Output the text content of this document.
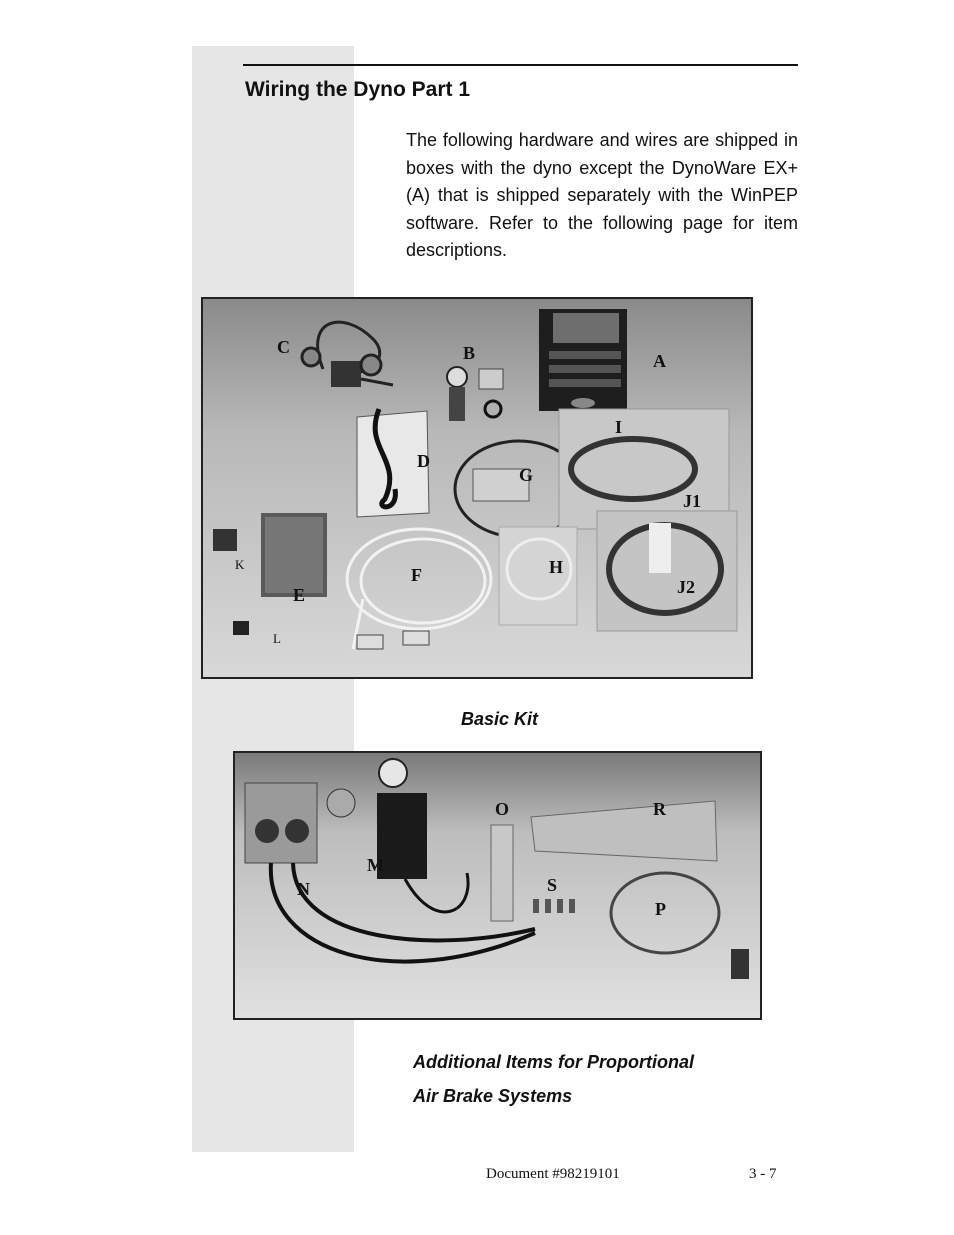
Wiring the Dyno Part 1

The following hardware and wires are shipped in boxes with the dyno except the DynoWare EX+ (A) that is shipped separately with the WinPEP software. Refer to the following page for item descriptions.

C	B	A
I
D
G
J1
K	H
F
J2
E
L

Basic Kit

O	R
M
N	S
P

Additional Items for Proportional
Air Brake Systems

Document #98219101	3 - 7
